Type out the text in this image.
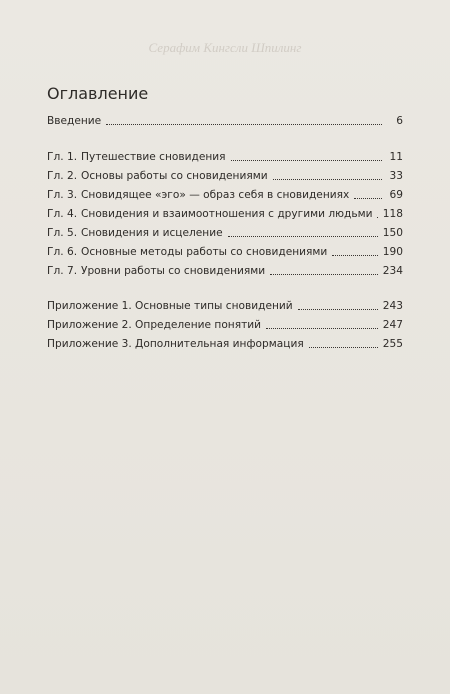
Серафим Кингсли Шпилинг
Оглавление
Введение	6
Гл. 1. Путешествие сновидения	11
Гл. 2. Основы работы со сновидениями	33
Гл. 3. Сновидящее «эго» — образ себя в сновидениях	69
Гл. 4. Сновидения и взаимоотношения с другими людьми 118
Гл. 5. Сновидения и исцеление	150
Гл. 6. Основные методы работы со сновидениями	190
Гл. 7. Уровни работы со сновидениями	234
Приложение 1. Основные типы сновидений	243
Приложение 2. Определение понятий	247
Приложение 3. Дополнительная информация	255
